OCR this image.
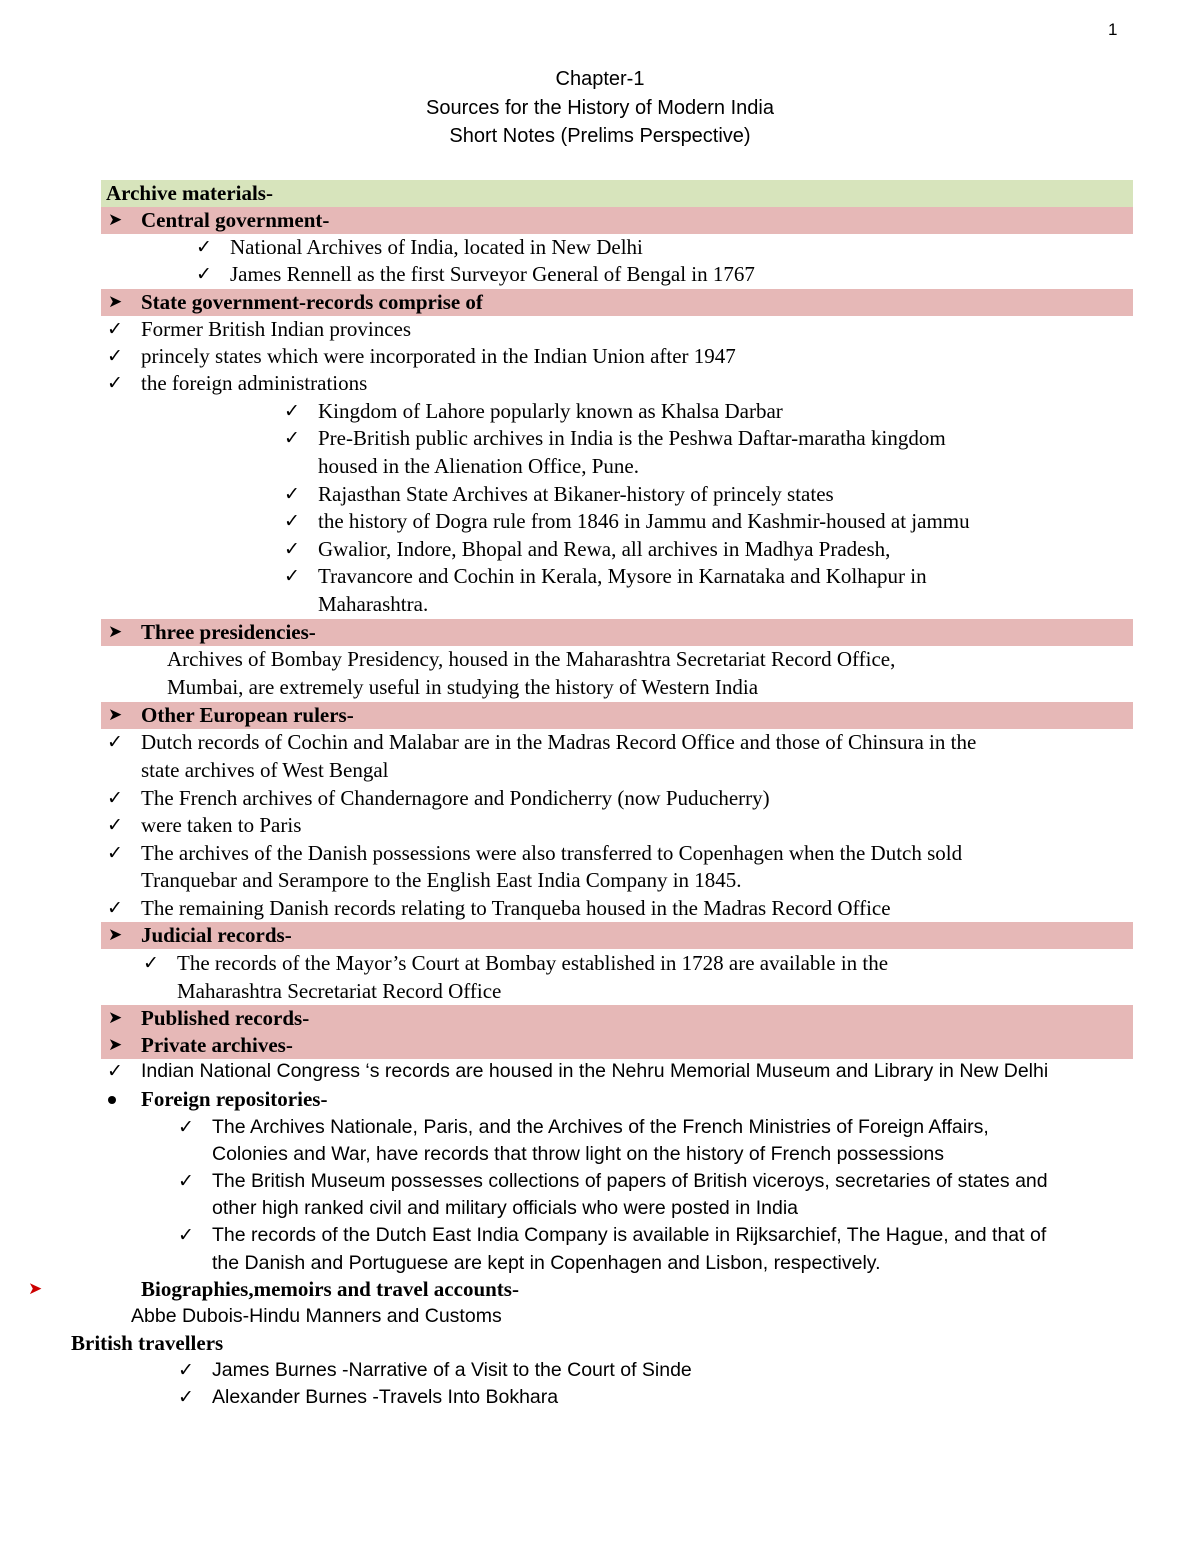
1
Chapter-1
Sources for the History of Modern India
Short Notes (Prelims Perspective)
Archive materials-
➤ Central government-
✓ National Archives of India, located in New Delhi
✓ James Rennell as the first Surveyor General of Bengal in 1767
➤ State government-records comprise of
✓ Former British Indian provinces
✓ princely states which were incorporated in the Indian Union after 1947
✓ the foreign administrations
✓ Kingdom of Lahore popularly known as Khalsa Darbar
✓ Pre-British public archives in India is the Peshwa Daftar-maratha kingdom
housed in the Alienation Office, Pune.
✓ Rajasthan State Archives at Bikaner-history of princely states
✓ the history of Dogra rule from 1846 in Jammu and Kashmir-housed at jammu
✓ Gwalior, Indore, Bhopal and Rewa, all archives in Madhya Pradesh,
✓ Travancore and Cochin in Kerala, Mysore in Karnataka and Kolhapur in
Maharashtra.
➤ Three presidencies-
Archives of Bombay Presidency, housed in the Maharashtra Secretariat Record Office,
Mumbai, are extremely useful in studying the history of Western India
➤ Other European rulers-
✓ Dutch records of Cochin and Malabar are in the Madras Record Office and those of Chinsura in the
state archives of West Bengal
✓ The French archives of Chandernagore and Pondicherry (now Puducherry)
✓ were taken to Paris
✓ The archives of the Danish possessions were also transferred to Copenhagen when the Dutch sold
Tranquebar and Serampore to the English East India Company in 1845.
✓ The remaining Danish records relating to Tranqueba housed in the Madras Record Office
➤ Judicial records-
✓ The records of the Mayor’s Court at Bombay established in 1728 are available in the
Maharashtra Secretariat Record Office
➤ Published records-
➤ Private archives-
✓ Indian National Congress ‘s records are housed in the Nehru Memorial Museum and Library in New Delhi
Foreign repositories-
✓ The Archives Nationale, Paris, and the Archives of the French Ministries of Foreign Affairs,
Colonies and War, have records that throw light on the history of French possessions
✓ The British Museum possesses collections of papers of British viceroys, secretaries of states and
other high ranked civil and military officials who were posted in India
✓ The records of the Dutch East India Company is available in Rijksarchief, The Hague, and that of
the Danish and Portuguese are kept in Copenhagen and Lisbon, respectively.
➤	Biographies,memoirs and travel accounts-
Abbe Dubois-Hindu Manners and Customs
British travellers
✓ James Burnes -Narrative of a Visit to the Court of Sinde
✓ Alexander Burnes -Travels Into Bokhara
